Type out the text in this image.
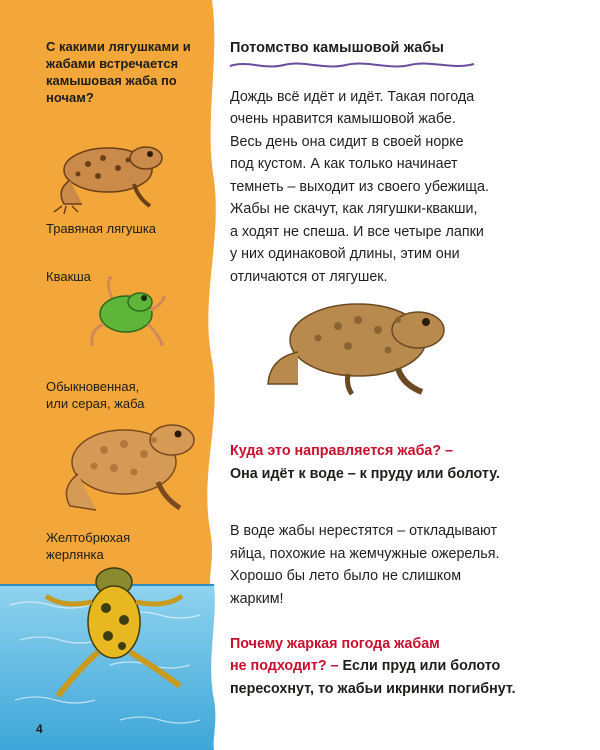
С какими лягушками и жабами встречается камышовая жаба по ночам?
Травяная лягушка
Квакша
Обыкновенная,
или серая, жаба
Желтобрюхая
жерлянка
4
Потомство камышовой жабы
Дождь всё идёт и идёт. Такая погода
очень нравится камышовой жабе.
Весь день она сидит в своей норке
под кустом. А как только начинает
темнеть – выходит из своего убежища.
Жабы не скачут, как лягушки-квакши,
а ходят не спеша. И все четыре лапки
у них одинаковой длины, этим они
отличаются от лягушек.
Куда это направляется жаба? –
Она идёт к воде – к пруду или болоту.
В воде жабы нерестятся – откладывают
яйца, похожие на жемчужные ожерелья.
Хорошо бы лето было не слишком
жарким!
Почему жаркая погода жабам
не подходит? – Если пруд или болото
пересохнут, то жабьи икринки погибнут.
